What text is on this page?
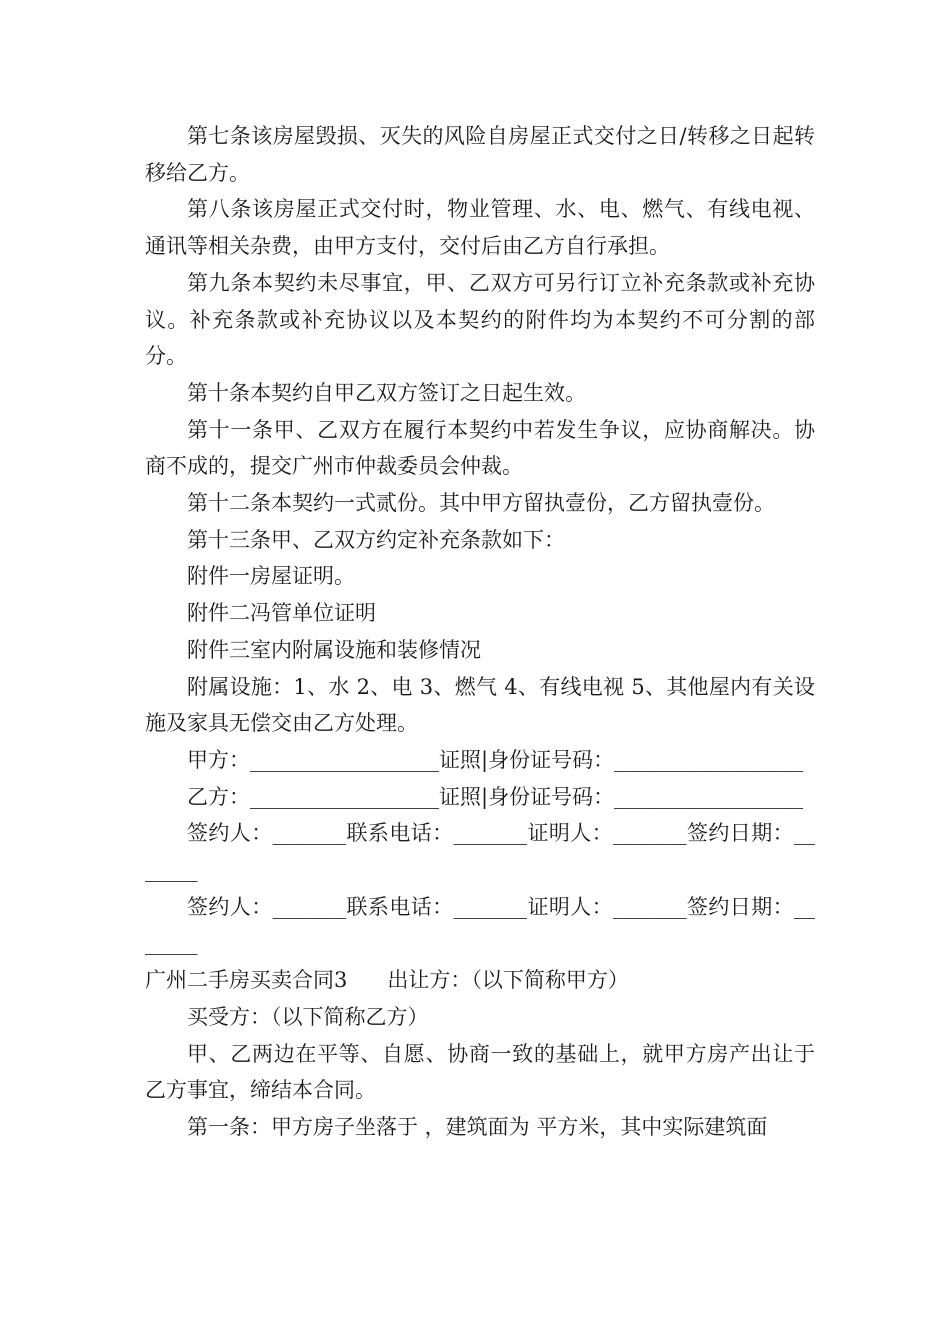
第七条该房屋毁损、灭失的风险自房屋正式交付之日/转移之日起转移给乙方。

第八条该房屋正式交付时，物业管理、水、电、燃气、有线电视、通讯等相关杂费，由甲方支付，交付后由乙方自行承担。

第九条本契约未尽事宜，甲、乙双方可另行订立补充条款或补充协议。补充条款或补充协议以及本契约的附件均为本契约不可分割的部分。

第十条本契约自甲乙双方签订之日起生效。

第十一条甲、乙双方在履行本契约中若发生争议，应协商解决。协商不成的，提交广州市仲裁委员会仲裁。

第十二条本契约一式贰份。其中甲方留执壹份，乙方留执壹份。

第十三条甲、乙双方约定补充条款如下：

附件一房屋证明。

附件二冯管单位证明

附件三室内附属设施和装修情况

附属设施：1、水 2、电 3、燃气 4、有线电视 5、其他屋内有关设施及家具无偿交由乙方处理。

甲方：__________________证照|身份证号码：__________________

乙方：__________________证照|身份证号码：__________________

签约人：_______联系电话：_______证明人：_______签约日期：_______

签约人：_______联系电话：_______证明人：_______签约日期：_______

广州二手房买卖合同3 出让方：（以下简称甲方）

买受方：（以下简称乙方）

甲、乙两边在平等、自愿、协商一致的基础上，就甲方房产出让于乙方事宜，缔结本合同。

第一条：甲方房子坐落于 ，建筑面为 平方米，其中实际建筑面
